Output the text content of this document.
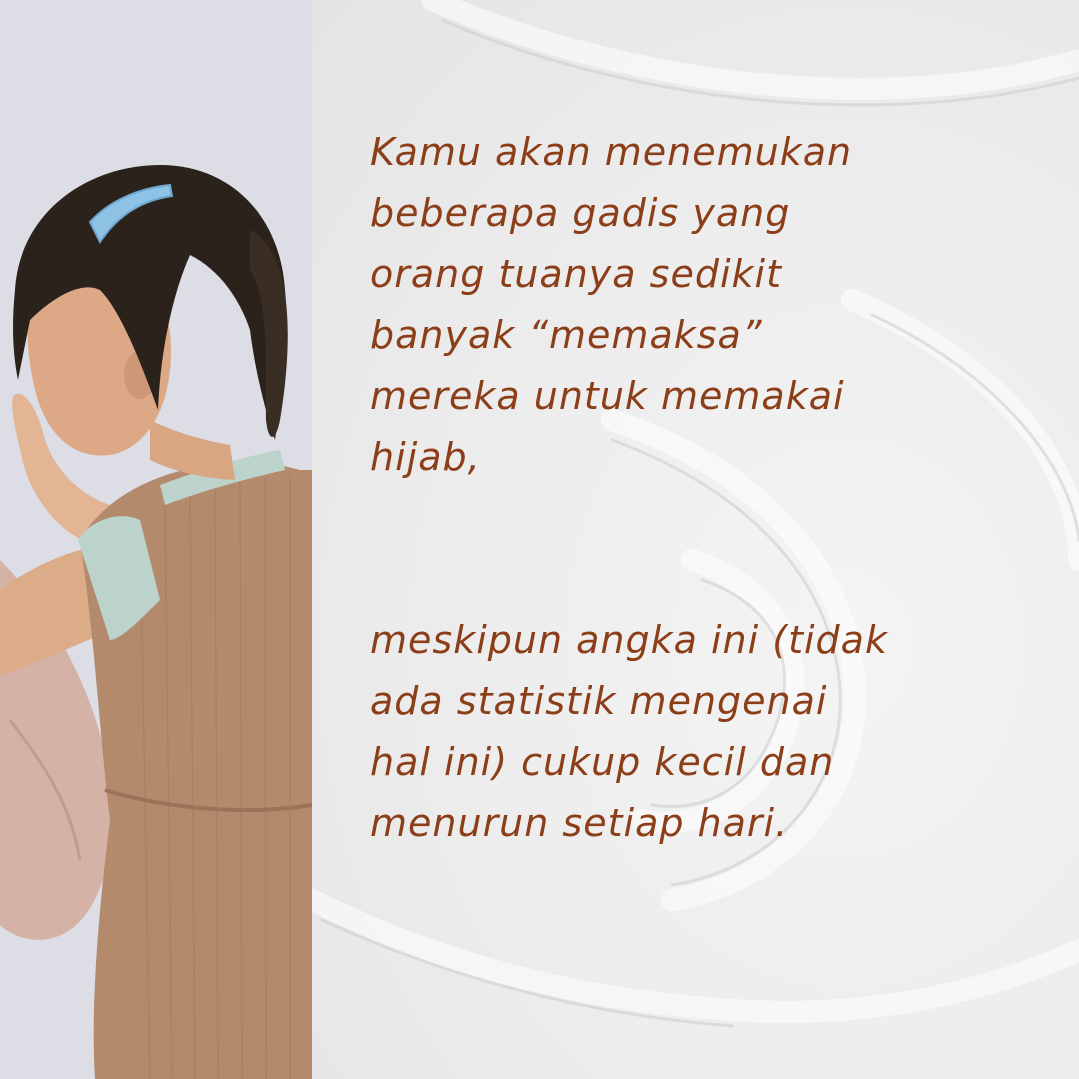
Kamu akan menemukan
beberapa gadis yang
orang tuanya sedikit
banyak “memaksa”
mereka untuk memakai
hijab,
meskipun angka ini (tidak
ada statistik mengenai
hal ini) cukup kecil dan
menurun setiap hari.
